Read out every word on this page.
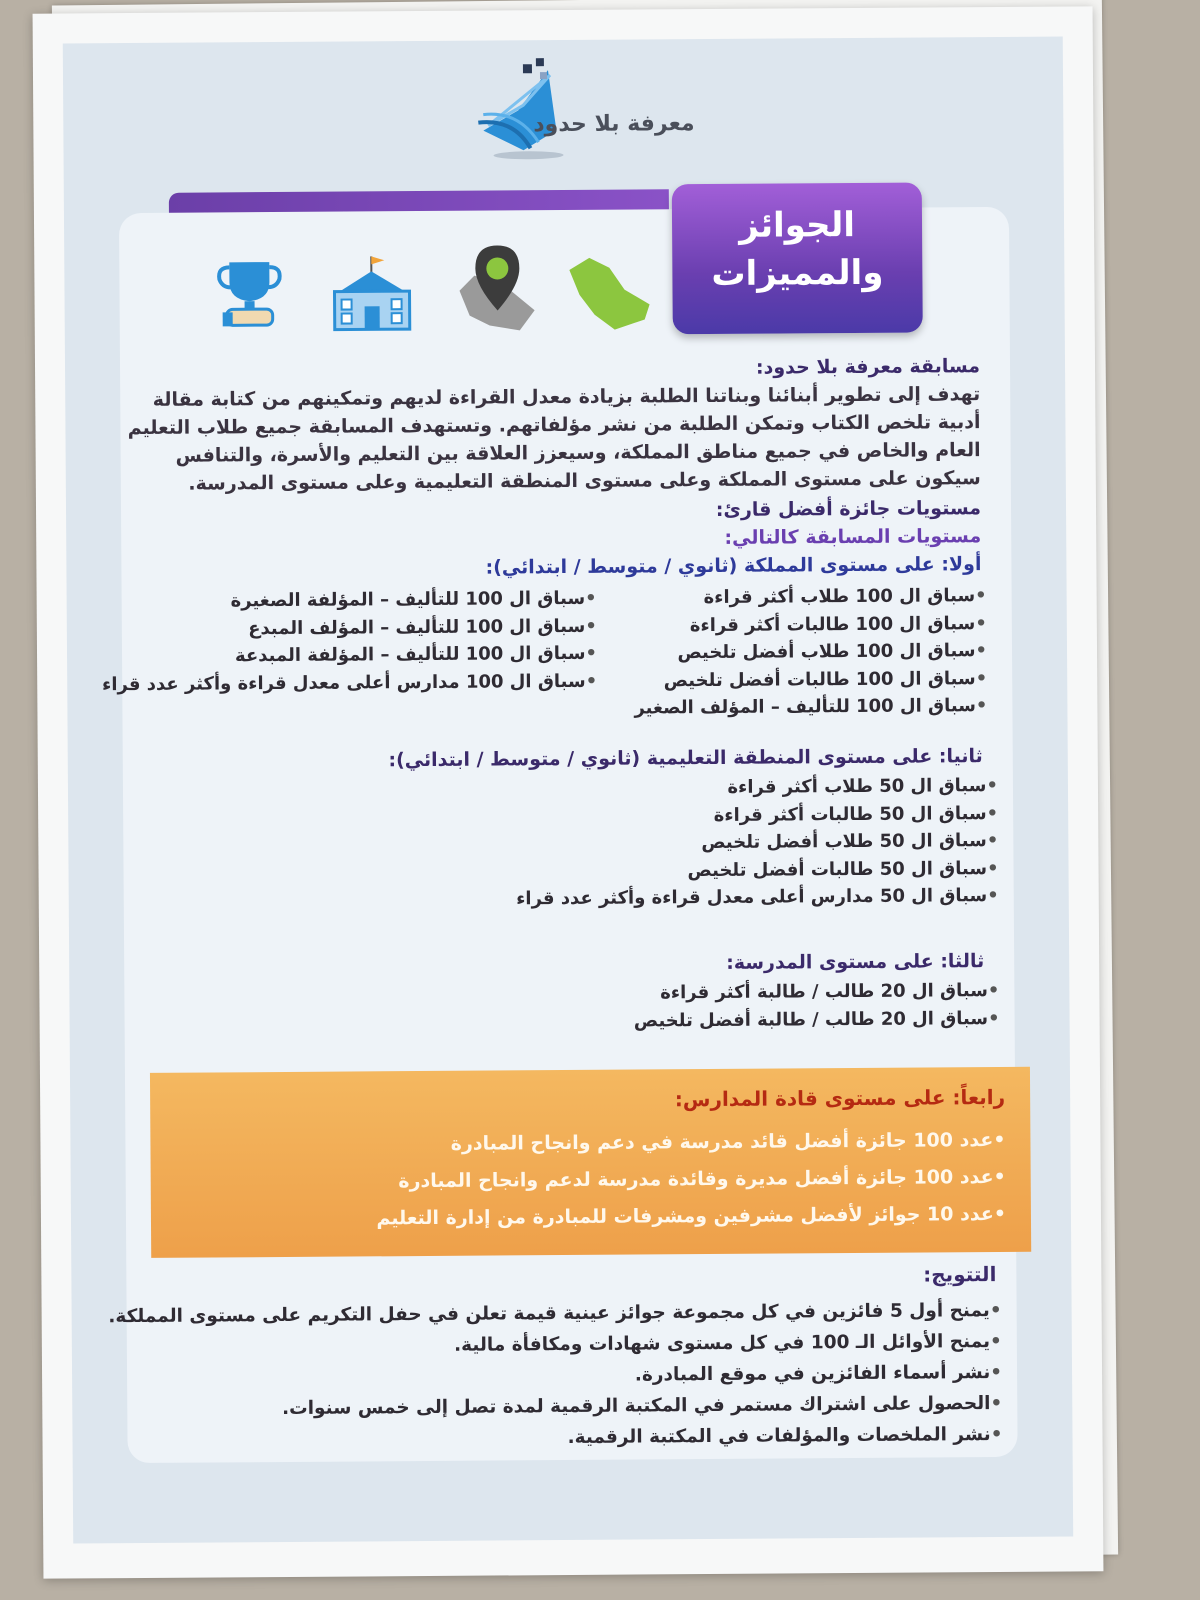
معرفة بلا حدود
الجوائز
والمميزات
مسابقة معرفة بلا حدود:
تهدف إلى تطوير أبنائنا وبناتنا الطلبة بزيادة معدل القراءة لديهم وتمكينهم من كتابة مقالة أدبية تلخص الكتاب وتمكن الطلبة من نشر مؤلفاتهم. وتستهدف المسابقة جميع طلاب التعليم العام والخاص في جميع مناطق المملكة، وسيعزز العلاقة بين التعليم والأسرة، والتنافس سيكون على مستوى المملكة وعلى مستوى المنطقة التعليمية وعلى مستوى المدرسة.
مستويات جائزة أفضل قارئ:
مستويات المسابقة كالتالي:
أولا: على مستوى المملكة (ثانوي / متوسط / ابتدائي):
• سباق ال 100 طلاب أكثر قراءة
• سباق ال 100 طالبات أكثر قراءة
• سباق ال 100 طلاب أفضل تلخيص
• سباق ال 100 طالبات أفضل تلخيص
• سباق ال 100 للتأليف – المؤلف الصغير
• سباق ال 100 للتأليف – المؤلفة الصغيرة
• سباق ال 100 للتأليف – المؤلف المبدع
• سباق ال 100 للتأليف – المؤلفة المبدعة
• سباق ال 100 مدارس أعلى معدل قراءة وأكثر عدد قراء
ثانيا: على مستوى المنطقة التعليمية (ثانوي / متوسط / ابتدائي):
• سباق ال 50 طلاب أكثر قراءة
• سباق ال 50 طالبات أكثر قراءة
• سباق ال 50 طلاب أفضل تلخيص
• سباق ال 50 طالبات أفضل تلخيص
• سباق ال 50 مدارس أعلى معدل قراءة وأكثر عدد قراء
ثالثا: على مستوى المدرسة:
• سباق ال 20 طالب / طالبة أكثر قراءة
• سباق ال 20 طالب / طالبة أفضل تلخيص
رابعاً: على مستوى قادة المدارس:
• عدد 100 جائزة أفضل قائد مدرسة في دعم وانجاح المبادرة
• عدد 100 جائزة أفضل مديرة وقائدة مدرسة لدعم وانجاح المبادرة
• عدد 10 جوائز لأفضل مشرفين ومشرفات للمبادرة من إدارة التعليم
التتويج:
• يمنح أول 5 فائزين في كل مجموعة جوائز عينية قيمة تعلن في حفل التكريم على مستوى المملكة.
• يمنح الأوائل الـ 100 في كل مستوى شهادات ومكافأة مالية.
• نشر أسماء الفائزين في موقع المبادرة.
• الحصول على اشتراك مستمر في المكتبة الرقمية لمدة تصل إلى خمس سنوات.
• نشر الملخصات والمؤلفات في المكتبة الرقمية.
